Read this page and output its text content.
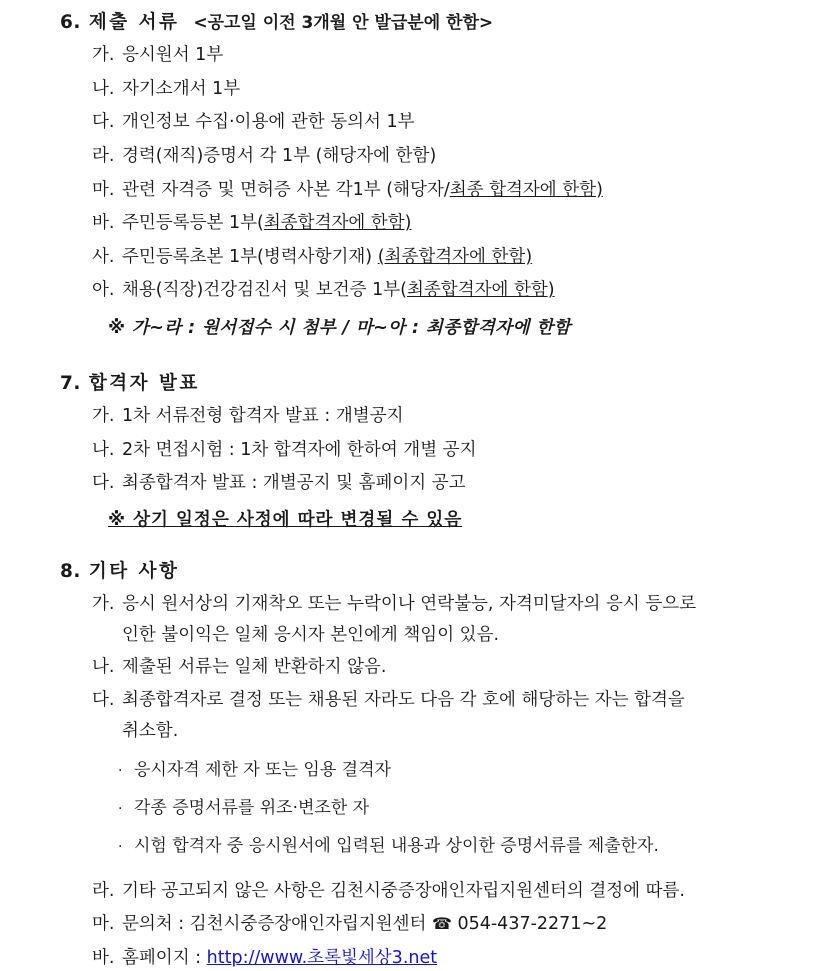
6. 제출 서류 <공고일 이전 3개월 안 발급분에 한함>
가. 응시원서 1부
나. 자기소개서 1부
다. 개인정보 수집·이용에 관한 동의서 1부
라. 경력(재직)증명서 각 1부 (해당자에 한함)
마. 관련 자격증 및 면허증 사본 각1부 (해당자/최종 합격자에 한함)
바. 주민등록등본 1부(최종합격자에 한함)
사. 주민등록초본 1부(병력사항기재) (최종합격자에 한함)
아. 채용(직장)건강검진서 및 보건증 1부(최종합격자에 한함)
※ 가~라 : 원서접수 시 첨부 / 마~아 : 최종합격자에 한함
7. 합격자 발표
가. 1차 서류전형 합격자 발표 : 개별공지
나. 2차 면접시험 : 1차 합격자에 한하여 개별 공지
다. 최종합격자 발표 : 개별공지 및 홈페이지 공고
※ 상기 일정은 사정에 따라 변경될 수 있음
8. 기타 사항
가. 응시 원서상의 기재착오 또는 누락이나 연락불능, 자격미달자의 응시 등으로
인한 불이익은 일체 응시자 본인에게 책임이 있음.
나. 제출된 서류는 일체 반환하지 않음.
다. 최종합격자로 결정 또는 채용된 자라도 다음 각 호에 해당하는 자는 합격을
취소함.
· 응시자격 제한 자 또는 임용 결격자
· 각종 증명서류를 위조·변조한 자
· 시험 합격자 중 응시원서에 입력된 내용과 상이한 증명서류를 제출한자.
라. 기타 공고되지 않은 사항은 김천시중증장애인자립지원센터의 결정에 따름.
마. 문의처 : 김천시중증장애인자립지원센터 ☎ 054-437-2271~2
바. 홈페이지 : http://www.초록빛세상3.net
